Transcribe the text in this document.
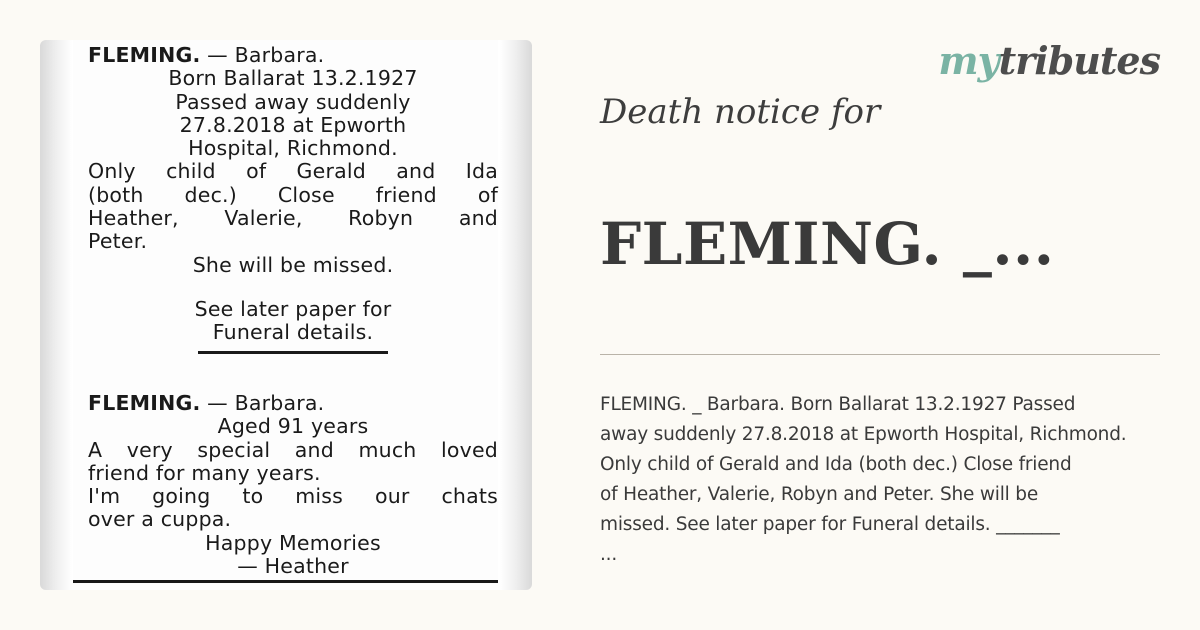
FLEMING. — Barbara.
Born Ballarat 13.2.1927
Passed away suddenly
27.8.2018 at Epworth
Hospital, Richmond.
Only child of Gerald and Ida
(both dec.) Close friend of
Heather, Valerie, Robyn and
Peter.
She will be missed.
See later paper for
Funeral details.
FLEMING. — Barbara.
Aged 91 years
A very special and much loved
friend for many years.
I'm going to miss our chats
over a cuppa.
Happy Memories
— Heather
mytributes
Death notice for
FLEMING. _...
FLEMING. _ Barbara. Born Ballarat 13.2.1927 Passed
away suddenly 27.8.2018 at Epworth Hospital, Richmond.
Only child of Gerald and Ida (both dec.) Close friend
of Heather, Valerie, Robyn and Peter. She will be
missed. See later paper for Funeral details. _______
...
